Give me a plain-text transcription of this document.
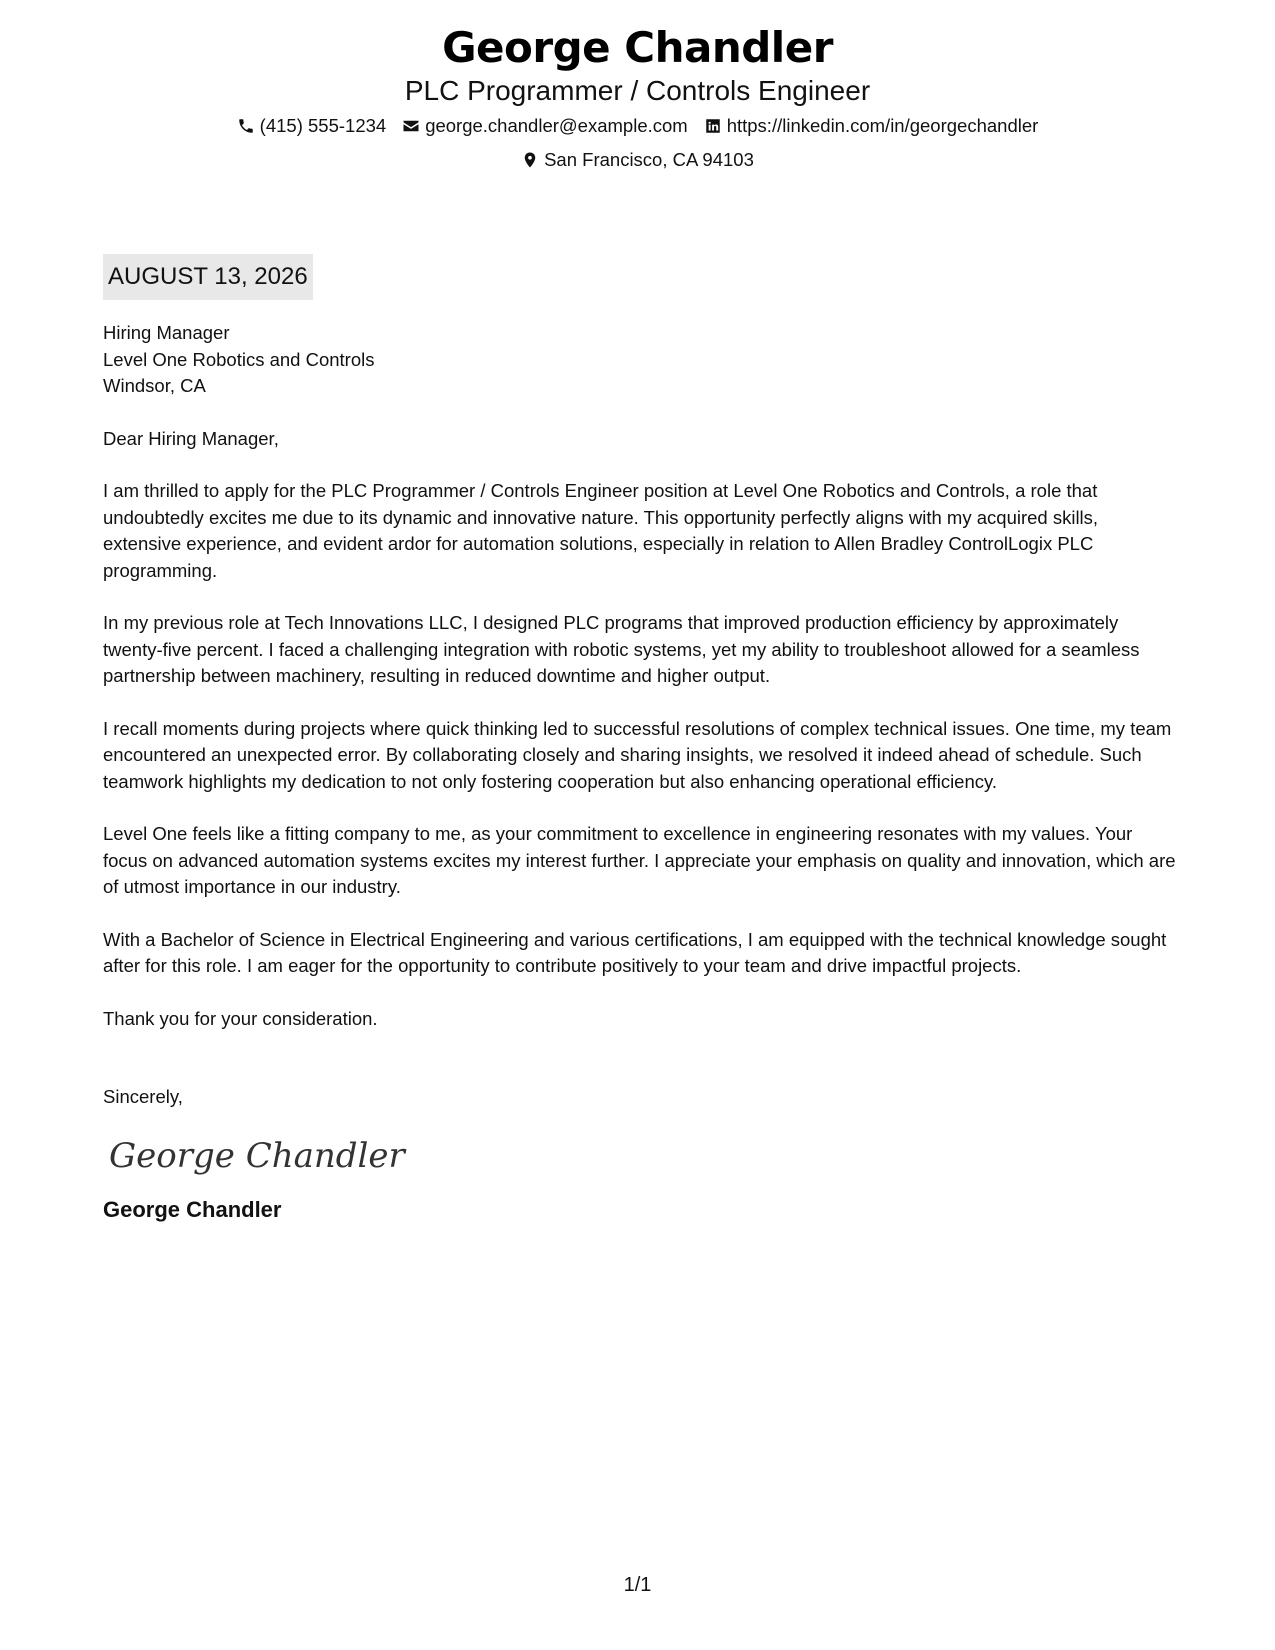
George Chandler
PLC Programmer / Controls Engineer
(415) 555-1234 george.chandler@example.com https://linkedin.com/in/georgechandler
San Francisco, CA 94103
AUGUST 13, 2026
Hiring Manager
Level One Robotics and Controls
Windsor, CA
Dear Hiring Manager,
I am thrilled to apply for the PLC Programmer / Controls Engineer position at Level One Robotics and Controls, a role that undoubtedly excites me due to its dynamic and innovative nature. This opportunity perfectly aligns with my acquired skills, extensive experience, and evident ardor for automation solutions, especially in relation to Allen Bradley ControlLogix PLC programming.
In my previous role at Tech Innovations LLC, I designed PLC programs that improved production efficiency by approximately twenty-five percent. I faced a challenging integration with robotic systems, yet my ability to troubleshoot allowed for a seamless partnership between machinery, resulting in reduced downtime and higher output.
I recall moments during projects where quick thinking led to successful resolutions of complex technical issues. One time, my team encountered an unexpected error. By collaborating closely and sharing insights, we resolved it indeed ahead of schedule. Such teamwork highlights my dedication to not only fostering cooperation but also enhancing operational efficiency.
Level One feels like a fitting company to me, as your commitment to excellence in engineering resonates with my values. Your focus on advanced automation systems excites my interest further. I appreciate your emphasis on quality and innovation, which are of utmost importance in our industry.
With a Bachelor of Science in Electrical Engineering and various certifications, I am equipped with the technical knowledge sought after for this role. I am eager for the opportunity to contribute positively to your team and drive impactful projects.
Thank you for your consideration.
Sincerely,
George Chandler
George Chandler
1/1
